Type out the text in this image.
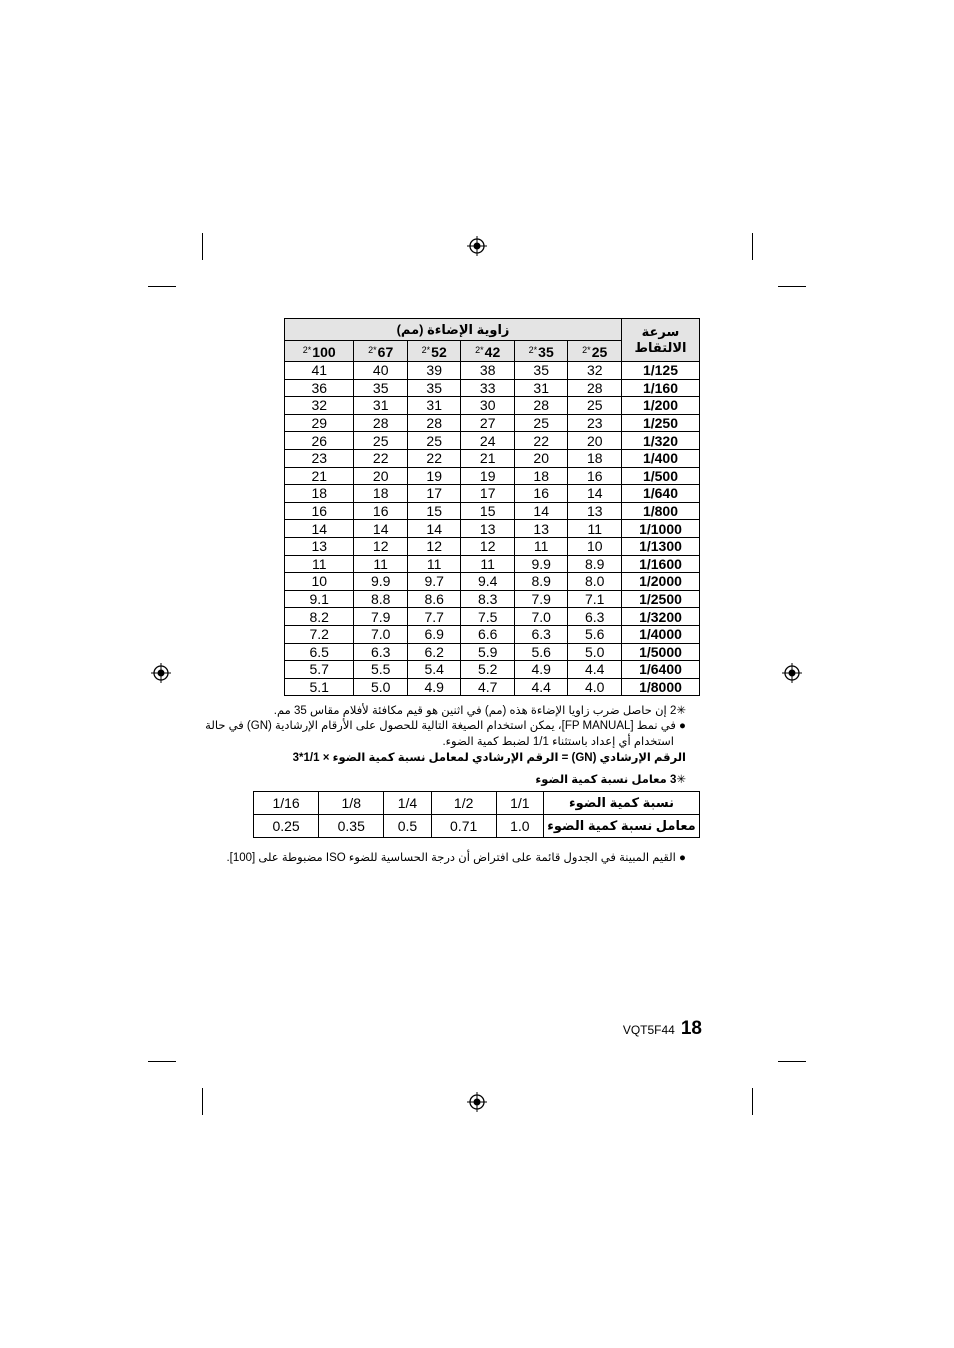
زاوية الإضاءة (مم)						سرعة الالتقاط
$^{2*}$100	$^{2*}$67	$^{2*}$52	$^{2*}$42	$^{2*}$35	$^{2*}$25	
41	40	39	38	35	32	1/125
36	35	35	33	31	28	1/160
32	31	31	30	28	25	1/200
29	28	28	27	25	23	1/250
26	25	25	24	22	20	1/320
23	22	22	21	20	18	1/400
21	20	19	19	18	16	1/500
18	18	17	17	16	14	1/640
16	16	15	15	14	13	1/800
14	14	14	13	13	11	1/1000
13	12	12	12	11	10	1/1300
11	11	11	11	9.9	8.9	1/1600
10	9.9	9.7	9.4	8.9	8.0	1/2000
9.1	8.8	8.6	8.3	7.9	7.1	1/2500
8.2	7.9	7.7	7.5	7.0	6.3	1/3200
7.2	7.0	6.9	6.6	6.3	5.6	1/4000
6.5	6.3	6.2	5.9	5.6	5.0	1/5000
5.7	5.5	5.4	5.2	4.9	4.4	1/6400
5.1	5.0	4.9	4.7	4.4	4.0	1/8000
✳2 إن حاصل ضرب زاويا الإضاءة هذه (مم) في اثنين هو قيم مكافئة لأفلام مقاس 35 مم.
● في نمط [FP MANUAL]، يمكن استخدام الصيغة التالية للحصول على الأرقام الإرشادية (GN) في حالة
استخدام أي إعداد باستثناء 1/1 لضبط كمية الضوء.
الرقم الإرشادي (GN) = الرقم الإرشادي لمعامل نسبة كمية الضوء × 1/1*3
✳3 معامل نسبة كمية الضوء
1/16	1/8	1/4	1/2	1/1	نسبة كمية الضوء
0.25	0.35	0.5	0.71	1.0	معامل نسبة كمية الضوء
● القيم المبينة في الجدول قائمة على افتراض أن درجة الحساسية للضوء ISO مضبوطة على [100].
VQT5F44 18
